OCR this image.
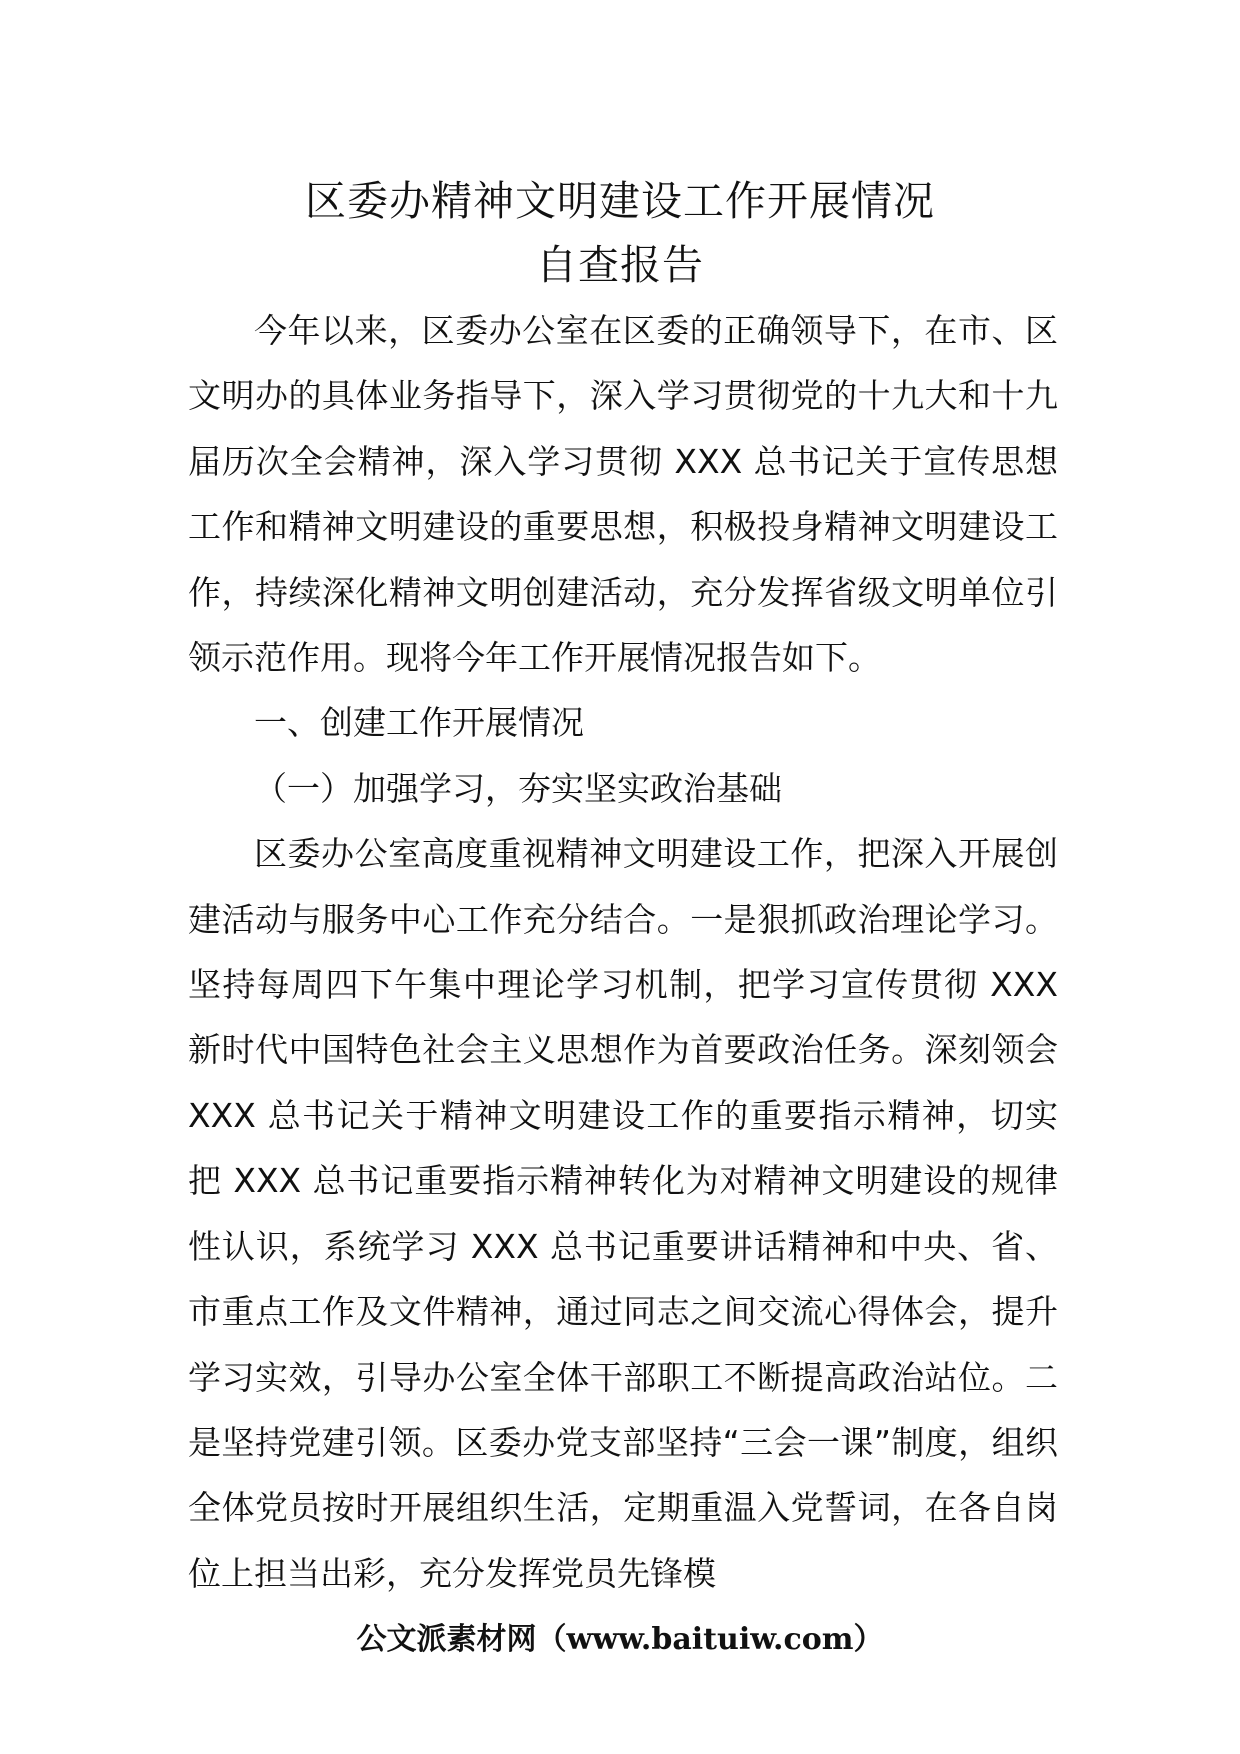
区委办精神文明建设工作开展情况
自查报告

今年以来，区委办公室在区委的正确领导下，在市、区文明办的具体业务指导下，深入学习贯彻党的十九大和十九届历次全会精神，深入学习贯彻 XXX 总书记关于宣传思想工作和精神文明建设的重要思想，积极投身精神文明建设工作，持续深化精神文明创建活动，充分发挥省级文明单位引领示范作用。现将今年工作开展情况报告如下。

一、创建工作开展情况

（一）加强学习，夯实坚实政治基础

区委办公室高度重视精神文明建设工作，把深入开展创建活动与服务中心工作充分结合。一是狠抓政治理论学习。坚持每周四下午集中理论学习机制，把学习宣传贯彻 XXX 新时代中国特色社会主义思想作为首要政治任务。深刻领会 XXX 总书记关于精神文明建设工作的重要指示精神，切实把 XXX 总书记重要指示精神转化为对精神文明建设的规律性认识，系统学习 XXX 总书记重要讲话精神和中央、省、市重点工作及文件精神，通过同志之间交流心得体会，提升学习实效，引导办公室全体干部职工不断提高政治站位。二是坚持党建引领。区委办党支部坚持“三会一课”制度，组织全体党员按时开展组织生活，定期重温入党誓词，在各自岗位上担当出彩，充分发挥党员先锋模

公文派素材网（www.baituiw.com）
